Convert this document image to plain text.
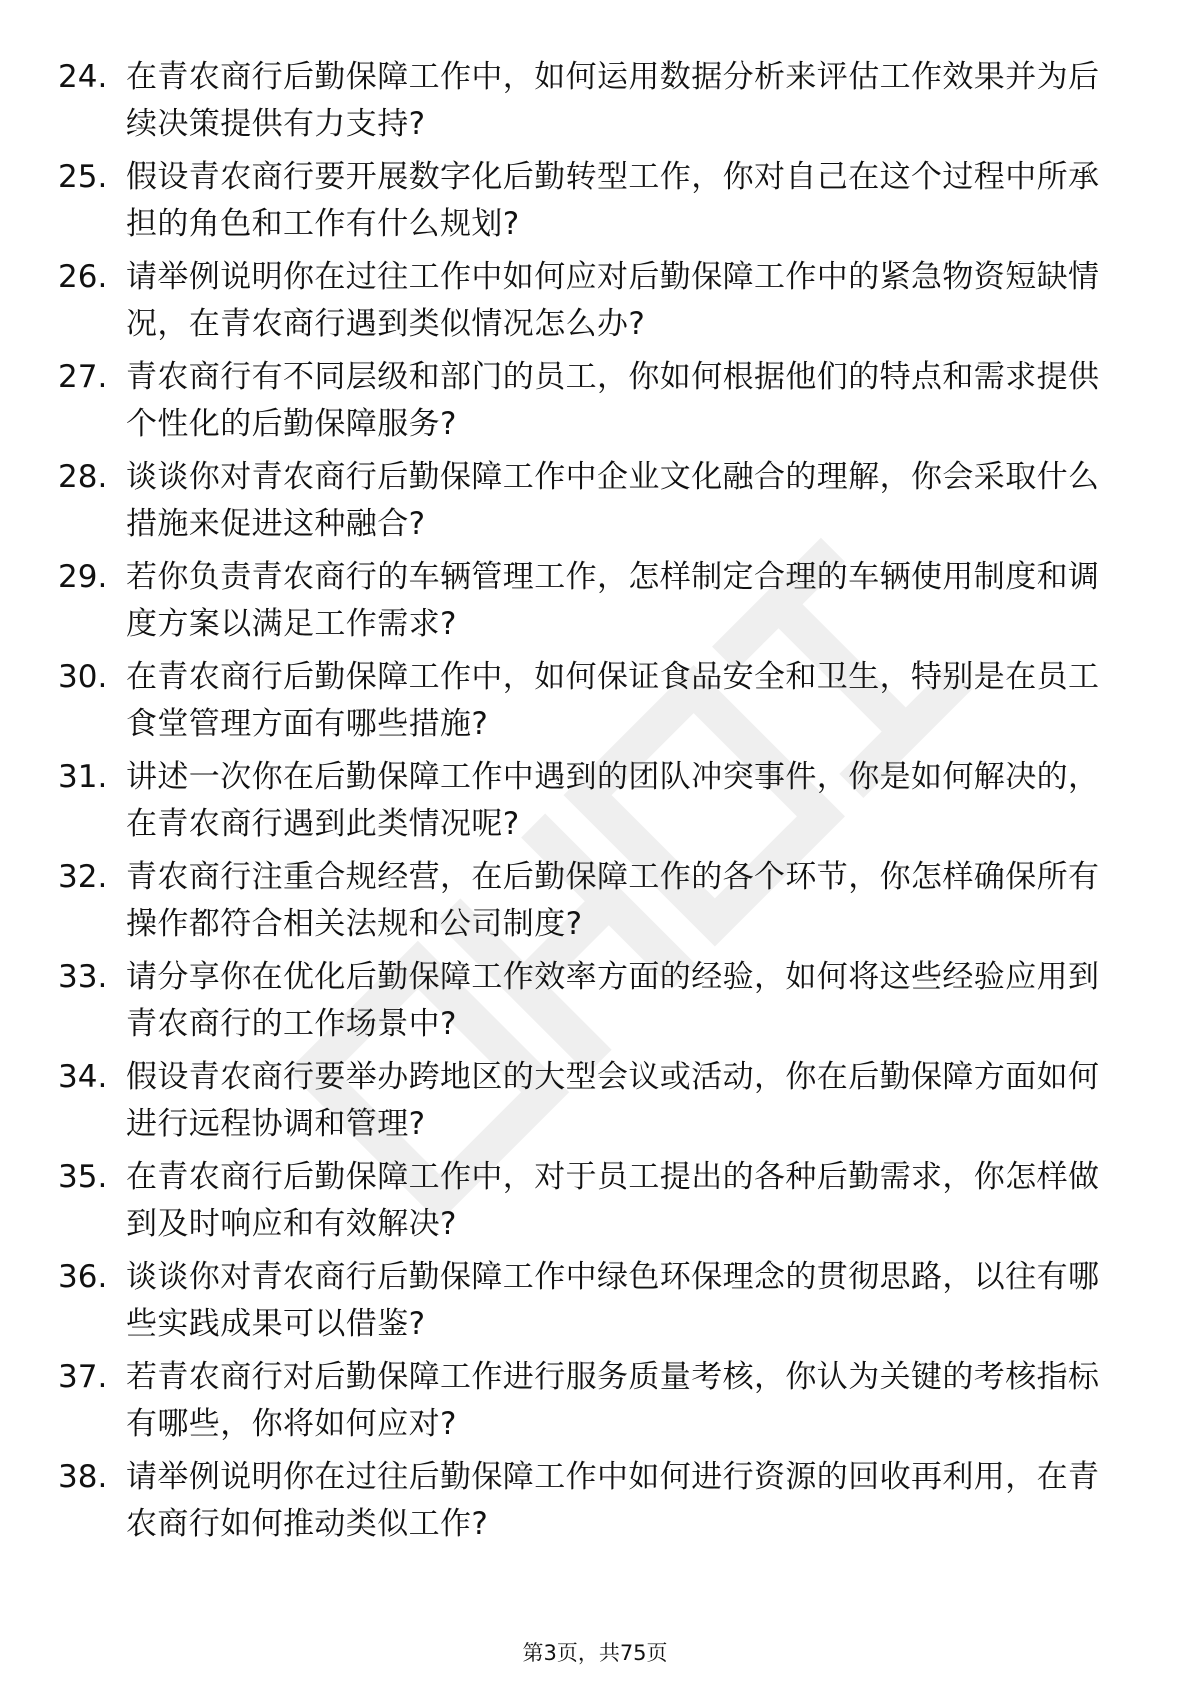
24. 在青农商行后勤保障工作中，如何运用数据分析来评估工作效果并为后续决策提供有力支持?
25. 假设青农商行要开展数字化后勤转型工作，你对自己在这个过程中所承担的角色和工作有什么规划?
26. 请举例说明你在过往工作中如何应对后勤保障工作中的紧急物资短缺情况，在青农商行遇到类似情况怎么办?
27. 青农商行有不同层级和部门的员工，你如何根据他们的特点和需求提供个性化的后勤保障服务?
28. 谈谈你对青农商行后勤保障工作中企业文化融合的理解，你会采取什么措施来促进这种融合?
29. 若你负责青农商行的车辆管理工作，怎样制定合理的车辆使用制度和调度方案以满足工作需求?
30. 在青农商行后勤保障工作中，如何保证食品安全和卫生，特别是在员工食堂管理方面有哪些措施?
31. 讲述一次你在后勤保障工作中遇到的团队冲突事件，你是如何解决的，在青农商行遇到此类情况呢?
32. 青农商行注重合规经营，在后勤保障工作的各个环节，你怎样确保所有操作都符合相关法规和公司制度?
33. 请分享你在优化后勤保障工作效率方面的经验，如何将这些经验应用到青农商行的工作场景中?
34. 假设青农商行要举办跨地区的大型会议或活动，你在后勤保障方面如何进行远程协调和管理?
35. 在青农商行后勤保障工作中，对于员工提出的各种后勤需求，你怎样做到及时响应和有效解决?
36. 谈谈你对青农商行后勤保障工作中绿色环保理念的贯彻思路，以往有哪些实践成果可以借鉴?
37. 若青农商行对后勤保障工作进行服务质量考核，你认为关键的考核指标有哪些，你将如何应对?
38. 请举例说明你在过往后勤保障工作中如何进行资源的回收再利用，在青农商行如何推动类似工作?
第3页，共75页
